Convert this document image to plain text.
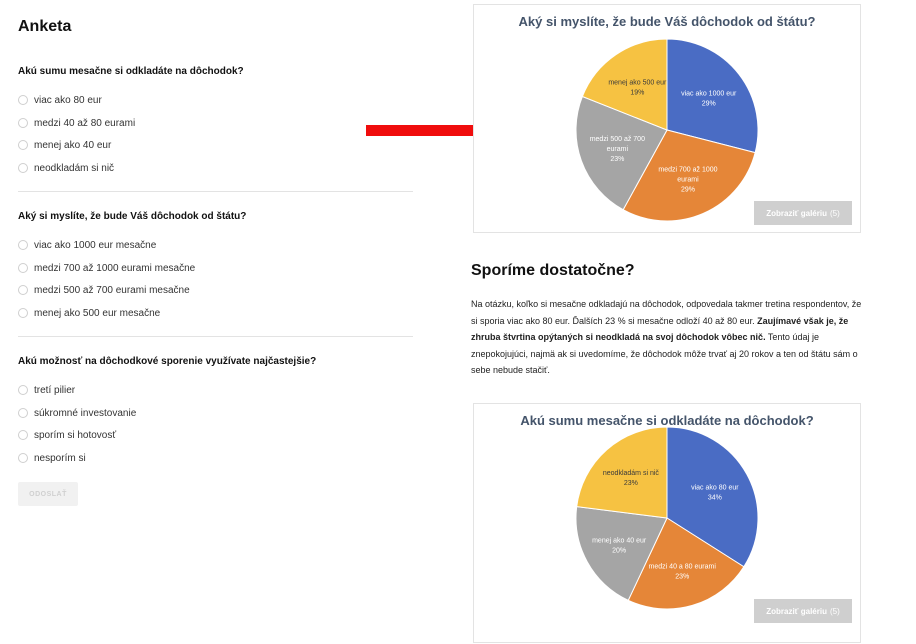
Anketa
Akú sumu mesačne si odkladáte na dôchodok?
viac ako 80 eur
medzi 40 až 80 eurami
menej ako 40 eur
neodkladám si nič
Aký si myslíte, že bude Váš dôchodok od štátu?
viac ako 1000 eur mesačne
medzi 700 až 1000 eurami mesačne
medzi 500 až 700 eurami mesačne
menej ako 500 eur mesačne
Akú možnosť na dôchodkové sporenie využívate najčastejšie?
tretí pilier
súkromné investovanie
sporím si hotovosť
nesporím si
ODOSLAŤ
Aký si myslíte, že bude Váš dôchodok od štátu?
viac ako 1000 eur 29%
medzi 700 až 1000 eurami 29%
medzi 500 až 700 eurami 23%
menej ako 500 eur 19%
Zobraziť galériu (5)
Sporíme dostatočne?

Na otázku, koľko si mesačne odkladajú na dôchodok, odpovedala takmer tretina respondentov, že si sporia viac ako 80 eur. Ďalších 23 % si mesačne odloží 40 až 80 eur. Zaujímavé však je, že zhruba štvrtina opýtaných si neodkladá na svoj dôchodok vôbec nič. Tento údaj je znepokojujúci, najmä ak si uvedomíme, že dôchodok môže trvať aj 20 rokov a ten od štátu sám o sebe nebude stačiť.

Akú sumu mesačne si odkladáte na dôchodok?
viac ako 80 eur 34%
medzi 40 a 80 eurami 23%
menej ako 40 eur 20%
neodkladám si nič 23%
Zobraziť galériu (5)
